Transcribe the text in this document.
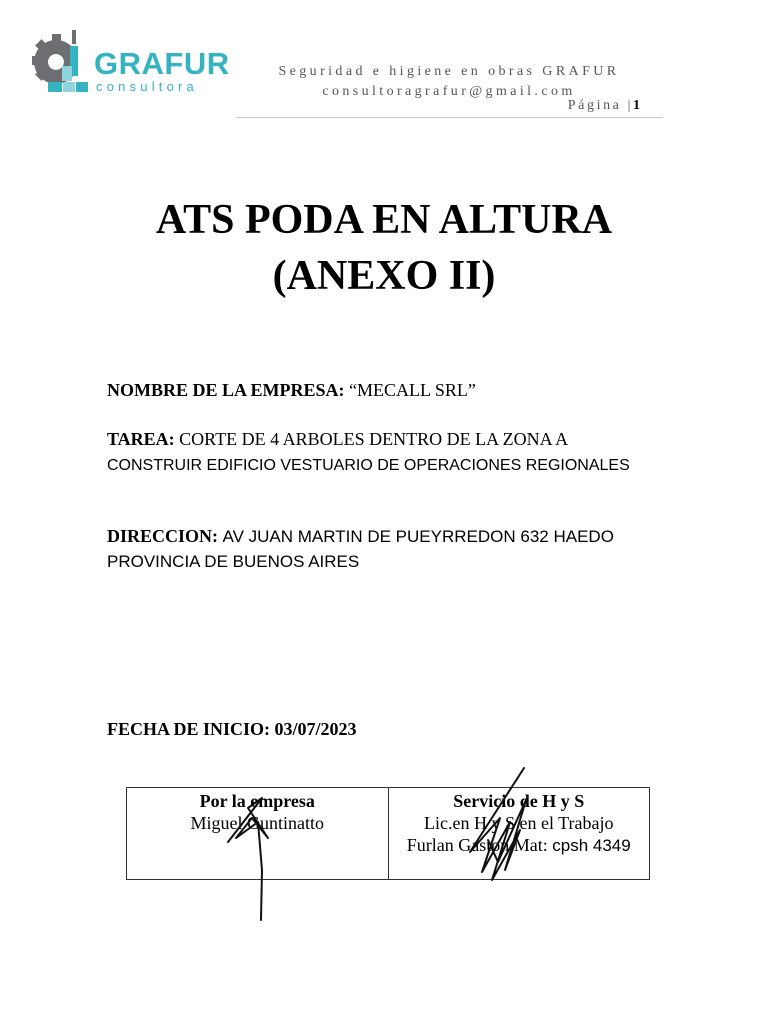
GRAFUR
consultora
Seguridad e higiene en obras GRAFUR
consultoragrafur@gmail.com
Página |1
ATS PODA EN ALTURA
(ANEXO II)
NOMBRE DE LA EMPRESA: “MECALL SRL”
TAREA: CORTE DE 4 ARBOLES DENTRO DE LA ZONA A
CONSTRUIR EDIFICIO VESTUARIO DE OPERACIONES REGIONALES
DIRECCION: AV JUAN MARTIN DE PUEYRREDON 632 HAEDO
PROVINCIA DE BUENOS AIRES
FECHA DE INICIO: 03/07/2023
Por la empresa
Miguel Guntinatto
Servicio de H y S
Lic.en H y S en el Trabajo
Furlan Gaston Mat: cpsh 4349
